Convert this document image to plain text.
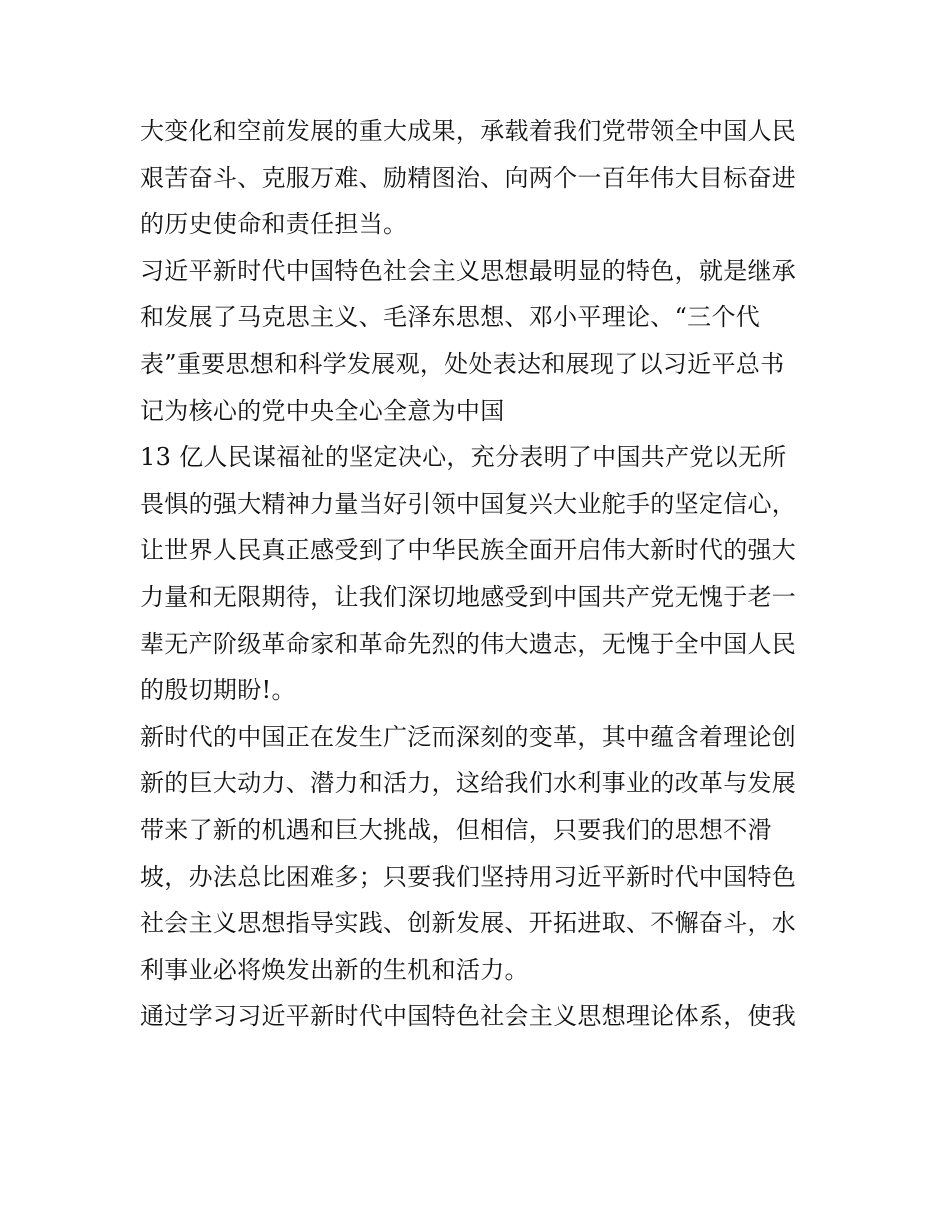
大变化和空前发展的重大成果，承载着我们党带领全中国人民
艰苦奋斗、克服万难、励精图治、向两个一百年伟大目标奋进
的历史使命和责任担当。
习近平新时代中国特色社会主义思想最明显的特色，就是继承
和发展了马克思主义、毛泽东思想、邓小平理论、“三个代
表”重要思想和科学发展观，处处表达和展现了以习近平总书
记为核心的党中央全心全意为中国
13 亿人民谋福祉的坚定决心，充分表明了中国共产党以无所
畏惧的强大精神力量当好引领中国复兴大业舵手的坚定信心，
让世界人民真正感受到了中华民族全面开启伟大新时代的强大
力量和无限期待，让我们深切地感受到中国共产党无愧于老一
辈无产阶级革命家和革命先烈的伟大遗志，无愧于全中国人民
的殷切期盼!。
新时代的中国正在发生广泛而深刻的变革，其中蕴含着理论创
新的巨大动力、潜力和活力，这给我们水利事业的改革与发展
带来了新的机遇和巨大挑战，但相信，只要我们的思想不滑
坡，办法总比困难多；只要我们坚持用习近平新时代中国特色
社会主义思想指导实践、创新发展、开拓进取、不懈奋斗，水
利事业必将焕发出新的生机和活力。
通过学习习近平新时代中国特色社会主义思想理论体系，使我
